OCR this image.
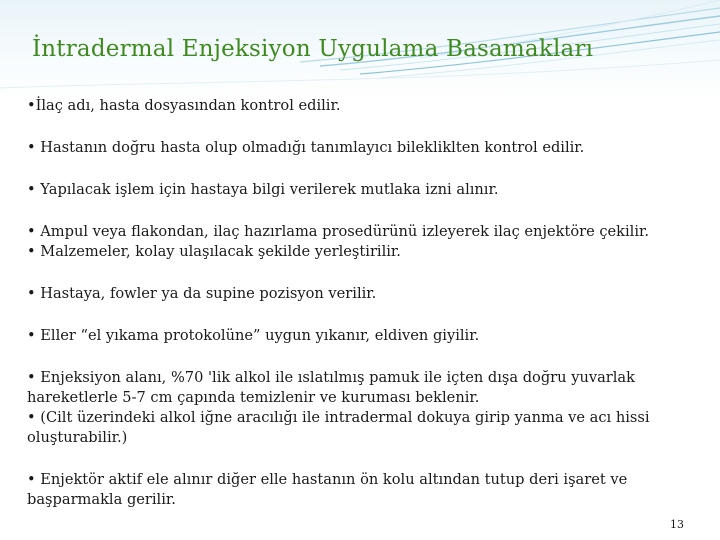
İntradermal Enjeksiyon Uygulama Basamakları

•İlaç adı, hasta dosyasından kontrol edilir.

• Hastanın doğru hasta olup olmadığı tanımlayıcı bilekliklten kontrol edilir.

• Yapılacak işlem için hastaya bilgi verilerek mutlaka izni alınır.

• Ampul veya flakondan, ilaç hazırlama prosedürünü izleyerek ilaç enjektöre çekilir.
• Malzemeler, kolay ulaşılacak şekilde yerleştirilir.

• Hastaya, fowler ya da supine pozisyon verilir.

• Eller “el yıkama protokolüne” uygun yıkanır, eldiven giyilir.

• Enjeksiyon alanı, %70 'lik alkol ile ıslatılmış pamuk ile içten dışa doğru yuvarlak
hareketlerle 5-7 cm çapında temizlenir ve kuruması beklenir.
• (Cilt üzerindeki alkol iğne aracılığı ile intradermal dokuya girip yanma ve acı hissi
oluşturabilir.)

• Enjektör aktif ele alınır diğer elle hastanın ön kolu altından tutup deri işaret ve
başparmakla gerilir.

13
